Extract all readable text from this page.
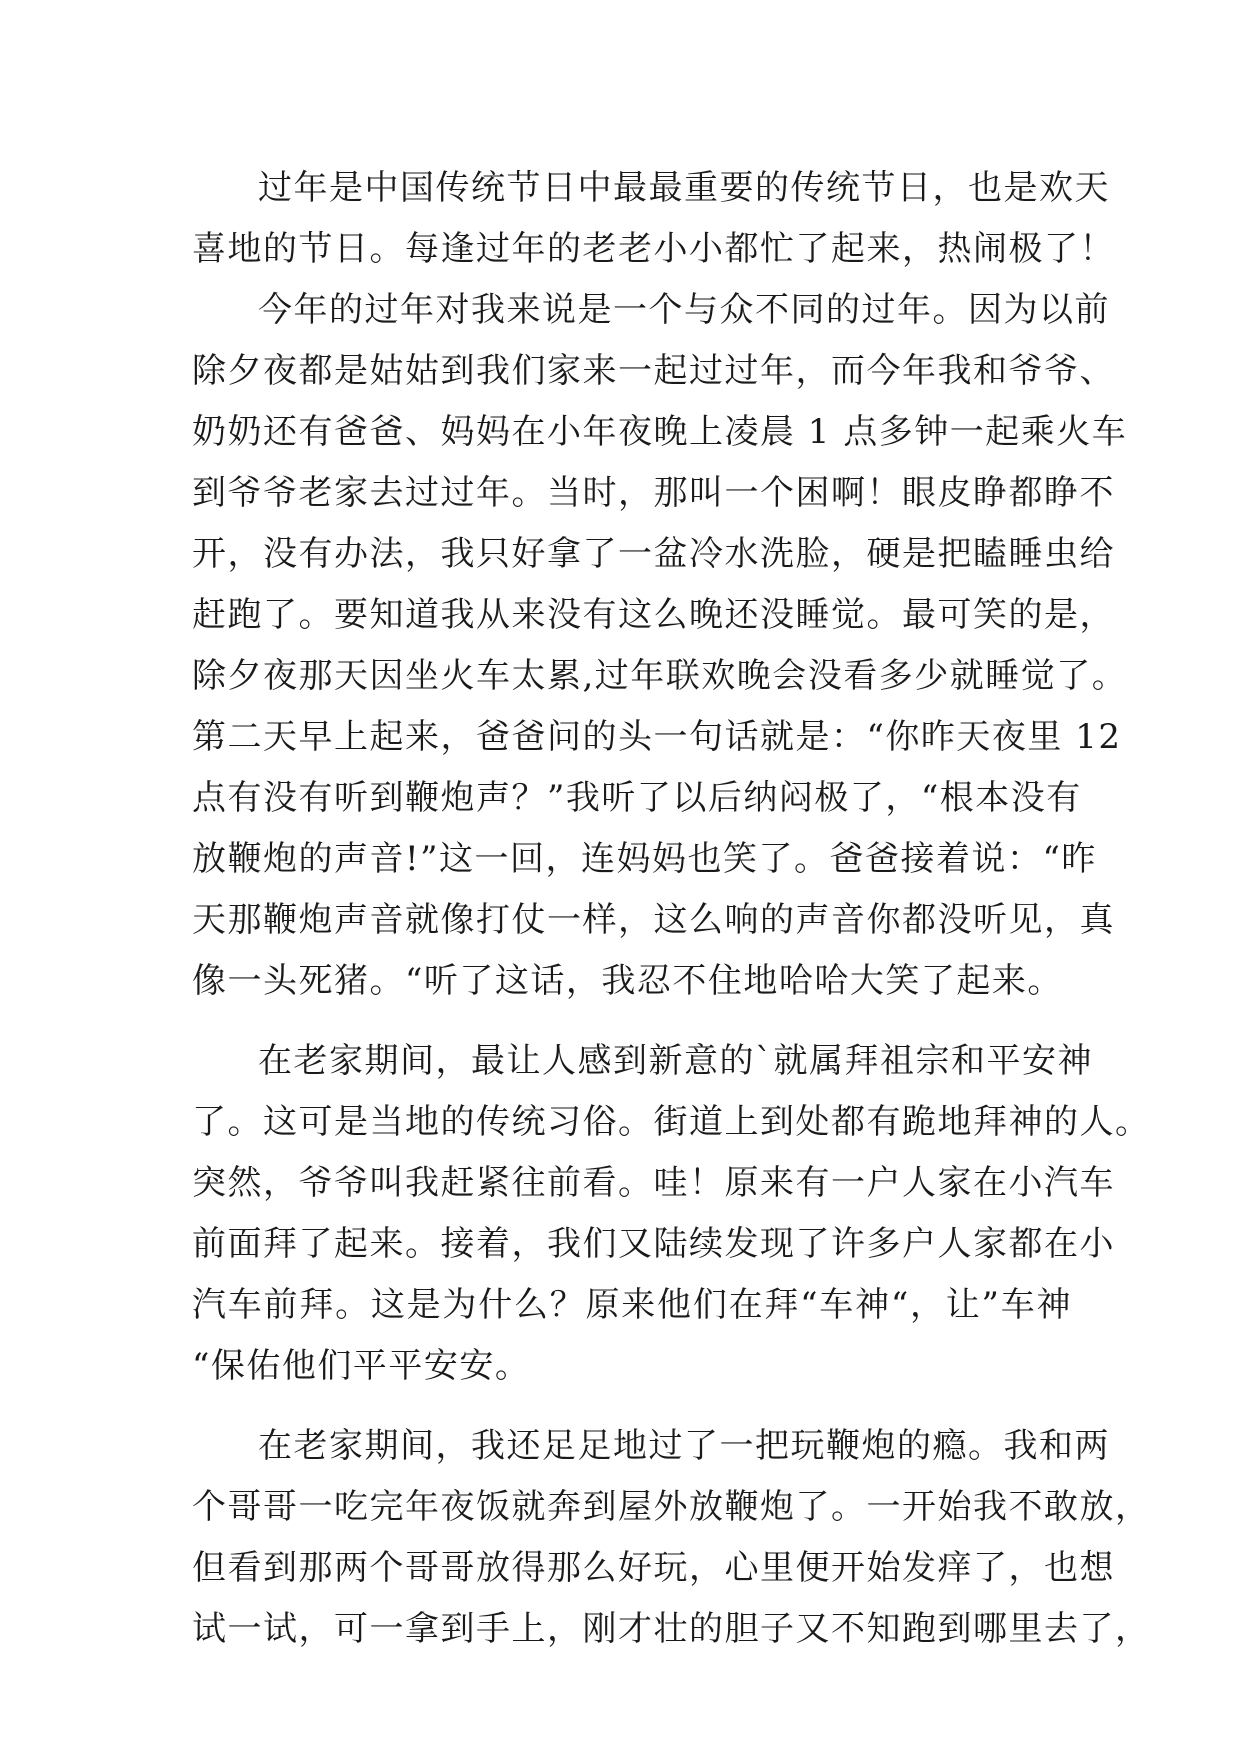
过年是中国传统节日中最最重要的传统节日，也是欢天
喜地的节日。每逢过年的老老小小都忙了起来，热闹极了！
今年的过年对我来说是一个与众不同的过年。因为以前
除夕夜都是姑姑到我们家来一起过过年，而今年我和爷爷、
奶奶还有爸爸、妈妈在小年夜晚上凌晨 1 点多钟一起乘火车
到爷爷老家去过过年。当时，那叫一个困啊！眼皮睁都睁不
开，没有办法，我只好拿了一盆冷水洗脸，硬是把瞌睡虫给
赶跑了。要知道我从来没有这么晚还没睡觉。最可笑的是，
除夕夜那天因坐火车太累,过年联欢晚会没看多少就睡觉了。
第二天早上起来，爸爸问的头一句话就是：“你昨天夜里 12
点有没有听到鞭炮声？”我听了以后纳闷极了，“根本没有
放鞭炮的声音!”这一回，连妈妈也笑了。爸爸接着说：“昨
天那鞭炮声音就像打仗一样，这么响的声音你都没听见，真
像一头死猪。“听了这话，我忍不住地哈哈大笑了起来。
在老家期间，最让人感到新意的`就属拜祖宗和平安神
了。这可是当地的传统习俗。街道上到处都有跪地拜神的人。
突然，爷爷叫我赶紧往前看。哇！原来有一户人家在小汽车
前面拜了起来。接着，我们又陆续发现了许多户人家都在小
汽车前拜。这是为什么？原来他们在拜“车神“，让”车神
“保佑他们平平安安。
在老家期间，我还足足地过了一把玩鞭炮的瘾。我和两
个哥哥一吃完年夜饭就奔到屋外放鞭炮了。一开始我不敢放，
但看到那两个哥哥放得那么好玩，心里便开始发痒了，也想
试一试，可一拿到手上，刚才壮的胆子又不知跑到哪里去了，
